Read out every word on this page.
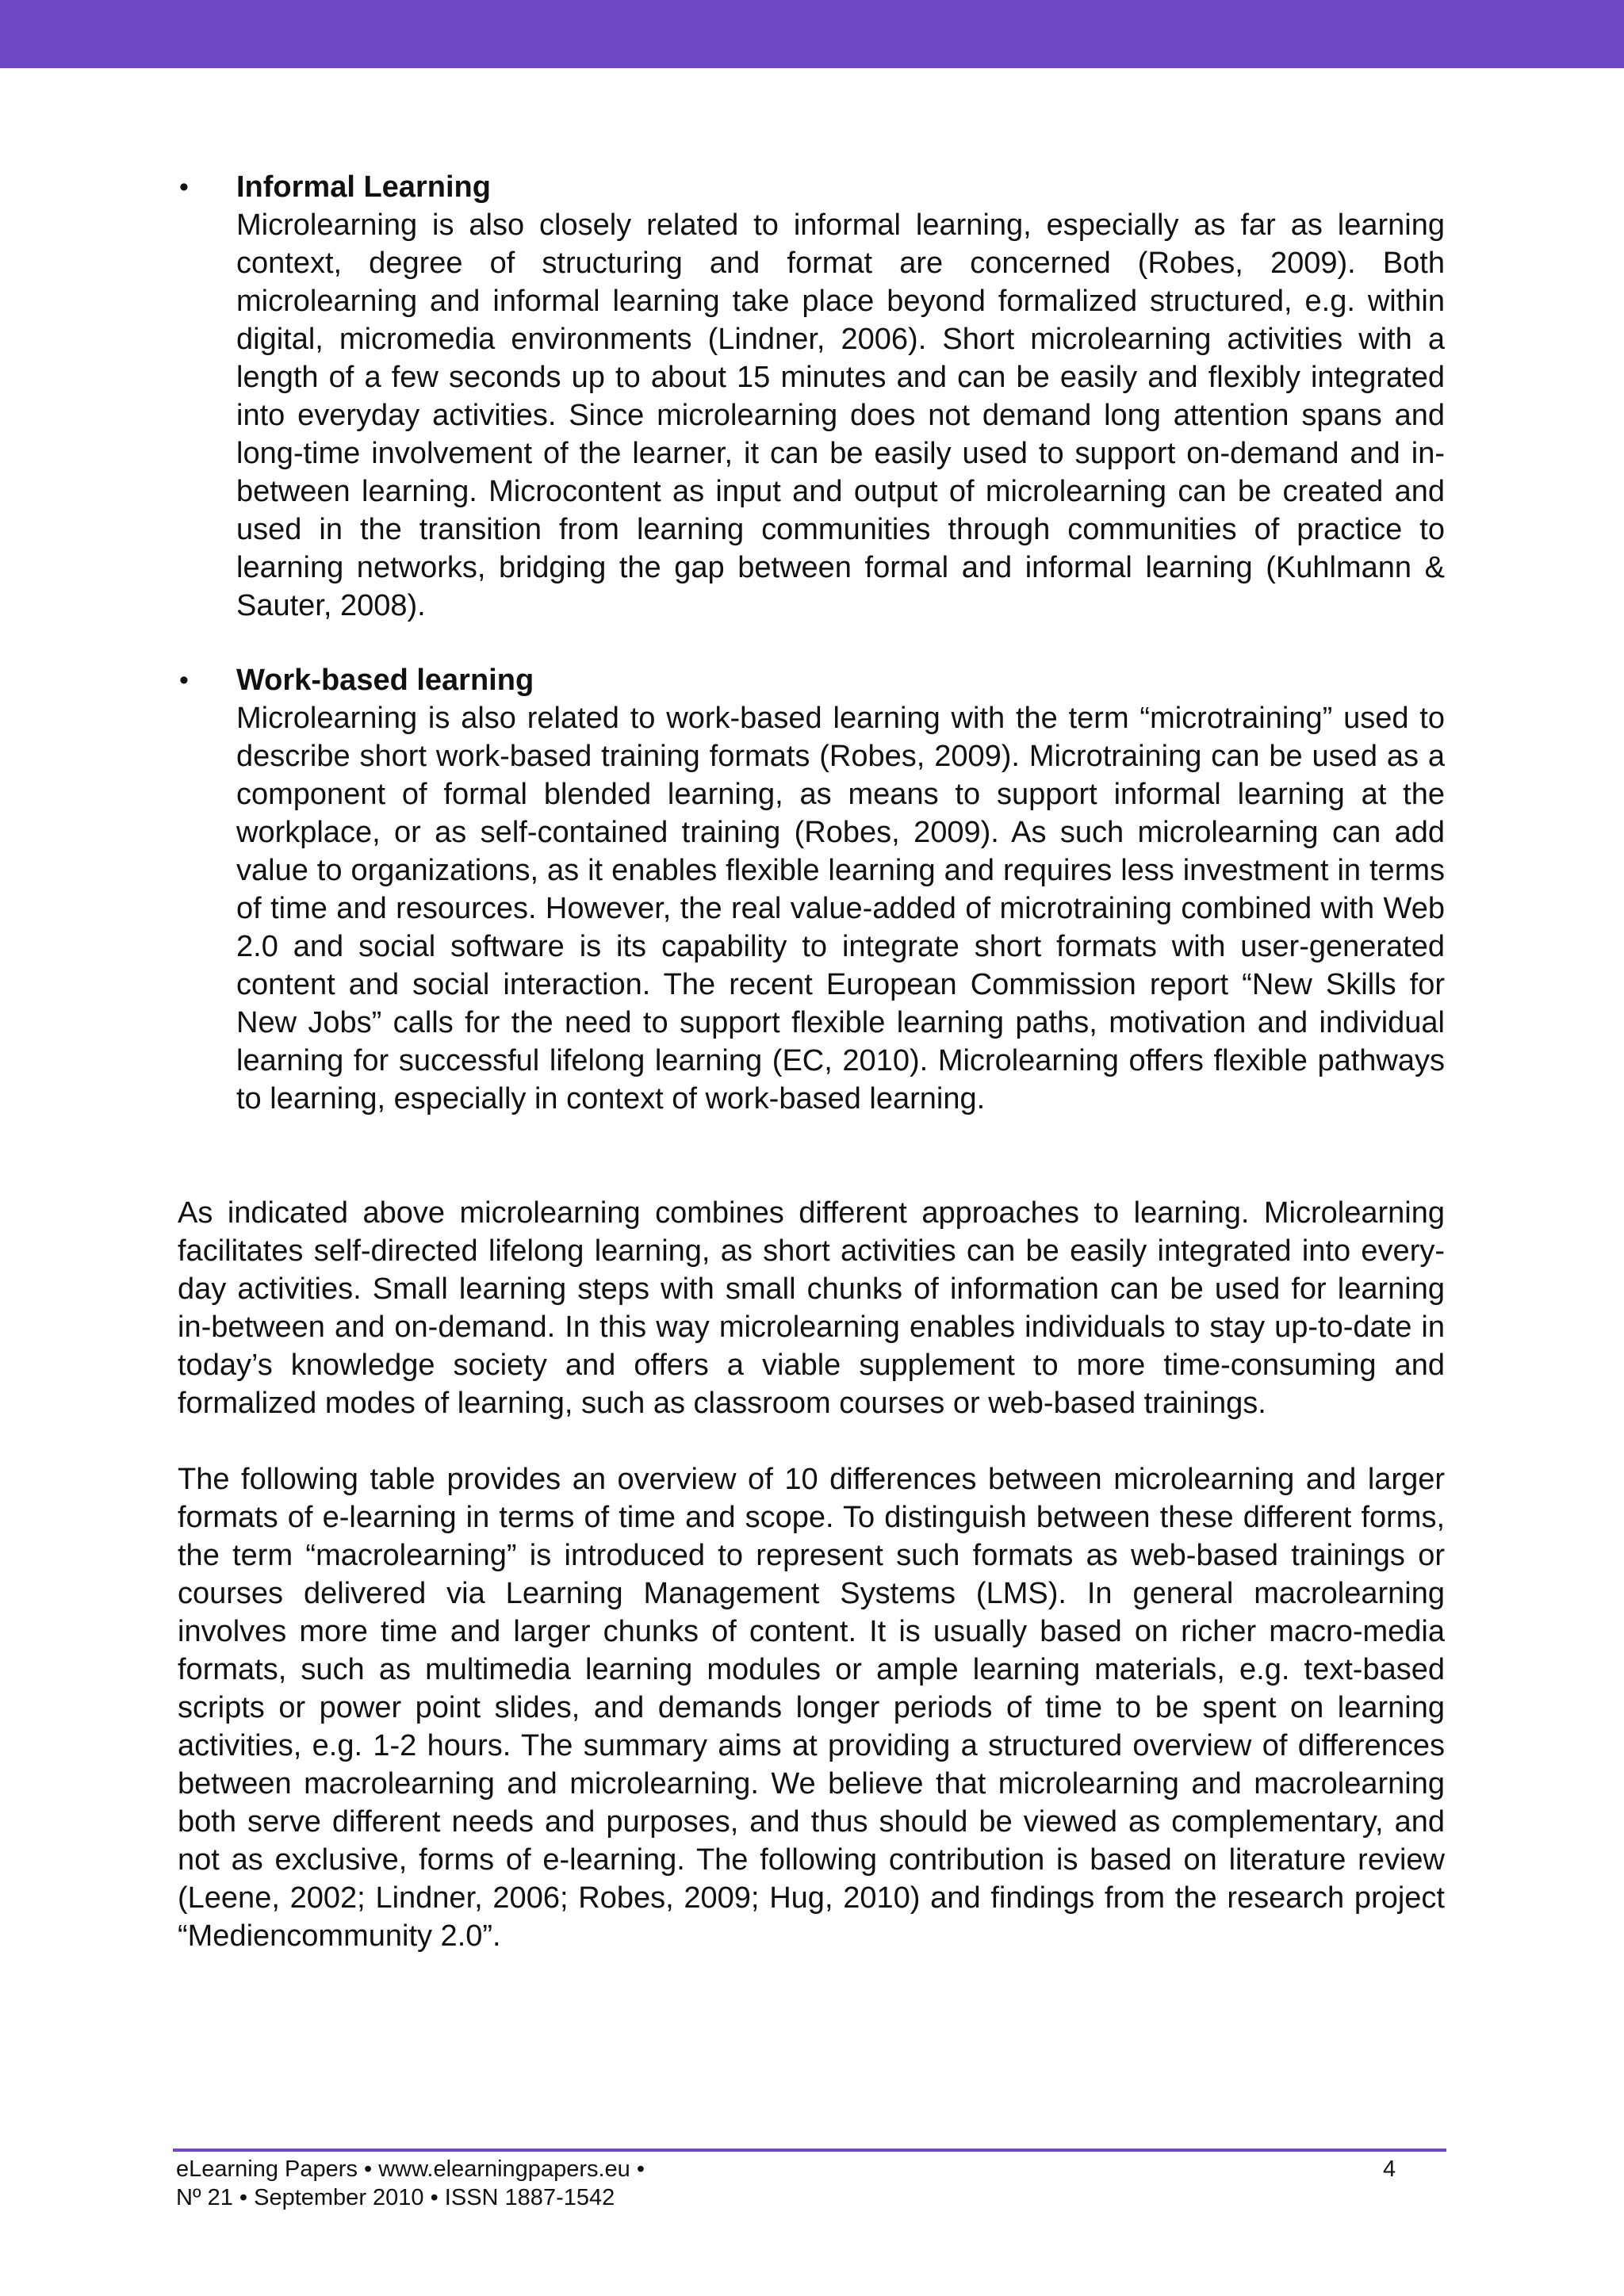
•	Informal Learning

Microlearning is also closely related to informal learning, especially as far as learning context, degree of structuring and format are concerned (Robes, 2009). Both microlearning and informal learning take place beyond formalized structured, e.g. within digital, micromedia environments (Lindner, 2006). Short microlearning activities with a length of a few seconds up to about 15 minutes and can be easily and flexibly integrated into everyday activities. Since microlearning does not demand long attention spans and long-time involvement of the learner, it can be easily used to support on-demand and in-between learning. Microcontent as input and output of microlearning can be created and used in the transition from learning communities through communities of practice to learning networks, bridging the gap between formal and informal learning (Kuhlmann & Sauter, 2008).

•	Work-based learning

Microlearning is also related to work-based learning with the term “microtraining” used to describe short work-based training formats (Robes, 2009). Microtraining can be used as a component of formal blended learning, as means to support informal learning at the workplace, or as self-contained training (Robes, 2009). As such microlearning can add value to organizations, as it enables flexible learning and requires less investment in terms of time and resources. However, the real value-added of microtraining combined with Web 2.0 and social software is its capability to integrate short formats with user-generated content and social interaction. The recent European Commission report “New Skills for New Jobs” calls for the need to support flexible learning paths, motivation and individual learning for successful lifelong learning (EC, 2010). Microlearning offers flexible pathways to learning, especially in context of work-based learning.

As indicated above microlearning combines different approaches to learning. Microlearning facilitates self-directed lifelong learning, as short activities can be easily integrated into every-day activities. Small learning steps with small chunks of information can be used for learning in-between and on-demand. In this way microlearning enables individuals to stay up-to-date in today’s knowledge society and offers a viable supplement to more time-consuming and formalized modes of learning, such as classroom courses or web-based trainings.

The following table provides an overview of 10 differences between microlearning and larger formats of e-learning in terms of time and scope. To distinguish between these different forms, the term “macrolearning” is introduced to represent such formats as web-based trainings or courses delivered via Learning Management Systems (LMS). In general macrolearning involves more time and larger chunks of content. It is usually based on richer macro-media formats, such as multimedia learning modules or ample learning materials, e.g. text-based scripts or power point slides, and demands longer periods of time to be spent on learning activities, e.g. 1-2 hours. The summary aims at providing a structured overview of differences between macrolearning and microlearning. We believe that microlearning and macrolearning both serve different needs and purposes, and thus should be viewed as complementary, and not as exclusive, forms of e-learning. The following contribution is based on literature review (Leene, 2002; Lindner, 2006; Robes, 2009; Hug, 2010) and findings from the research project “Mediencommunity 2.0”.

eLearning Papers • www.elearningpapers.eu •
Nº 21 • September 2010 • ISSN 1887-1542
4
